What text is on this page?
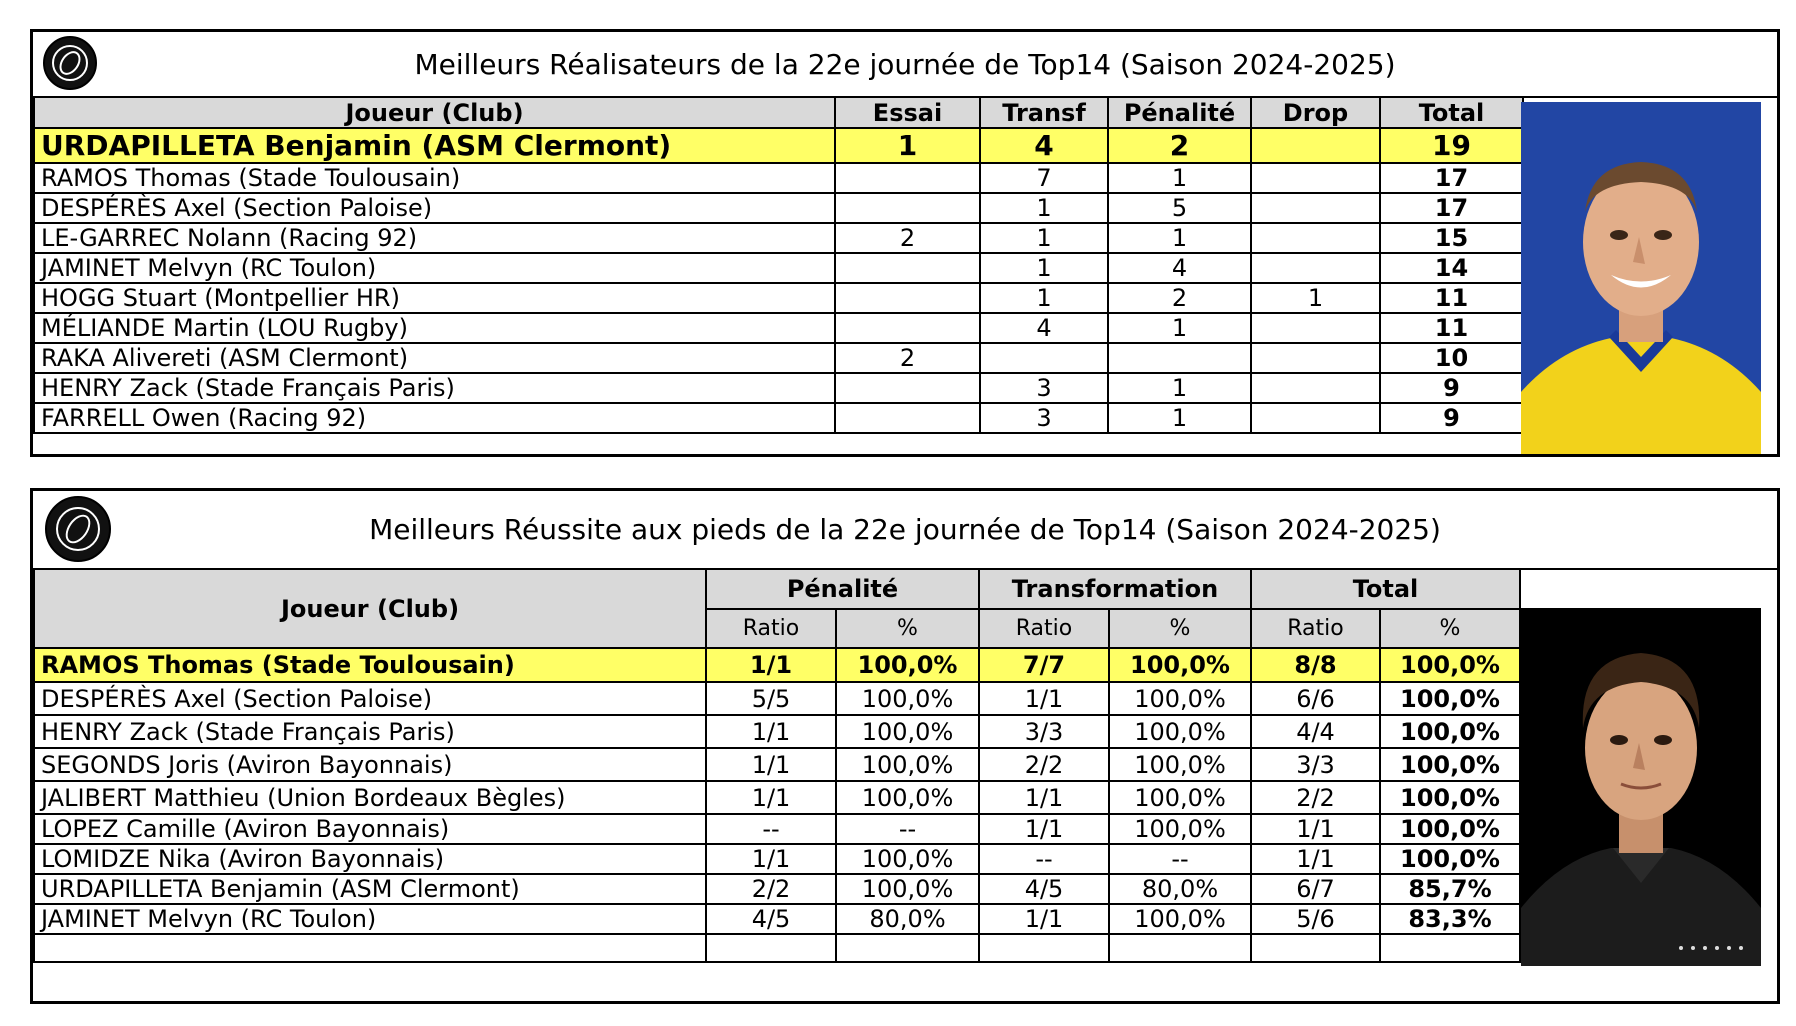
Meilleurs Réalisateurs de la 22e journée de Top14 (Saison 2024-2025)
Joueur (Club)	Essai	Transf	Pénalité	Drop	Total
URDAPILLETA Benjamin (ASM Clermont)	1	4	2		19
RAMOS Thomas (Stade Toulousain)		7	1		17
DESPÉRÈS Axel (Section Paloise)		1	5		17
LE-GARREC Nolann (Racing 92)	2	1	1		15
JAMINET Melvyn (RC Toulon)		1	4		14
HOGG Stuart (Montpellier HR)		1	2	1	11
MÉLIANDE Martin (LOU Rugby)		4	1		11
RAKA Alivereti (ASM Clermont)	2				10
HENRY Zack (Stade Français Paris)		3	1		9
FARRELL Owen (Racing 92)		3	1		9
Meilleurs Réussite aux pieds de la 22e journée de Top14 (Saison 2024-2025)
Joueur (Club)	Pénalité		Transformation		Total	
	Ratio	%	Ratio	%	Ratio	%
RAMOS Thomas (Stade Toulousain)	1/1	100,0%	7/7	100,0%	8/8	100,0%
DESPÉRÈS Axel (Section Paloise)	5/5	100,0%	1/1	100,0%	6/6	100,0%
HENRY Zack (Stade Français Paris)	1/1	100,0%	3/3	100,0%	4/4	100,0%
SEGONDS Joris (Aviron Bayonnais)	1/1	100,0%	2/2	100,0%	3/3	100,0%
JALIBERT Matthieu (Union Bordeaux Bègles)	1/1	100,0%	1/1	100,0%	2/2	100,0%
LOPEZ Camille (Aviron Bayonnais)	--	--	1/1	100,0%	1/1	100,0%
LOMIDZE Nika (Aviron Bayonnais)	1/1	100,0%	--	--	1/1	100,0%
URDAPILLETA Benjamin (ASM Clermont)	2/2	100,0%	4/5	80,0%	6/7	85,7%
JAMINET Melvyn (RC Toulon)	4/5	80,0%	1/1	100,0%	5/6	83,3%
